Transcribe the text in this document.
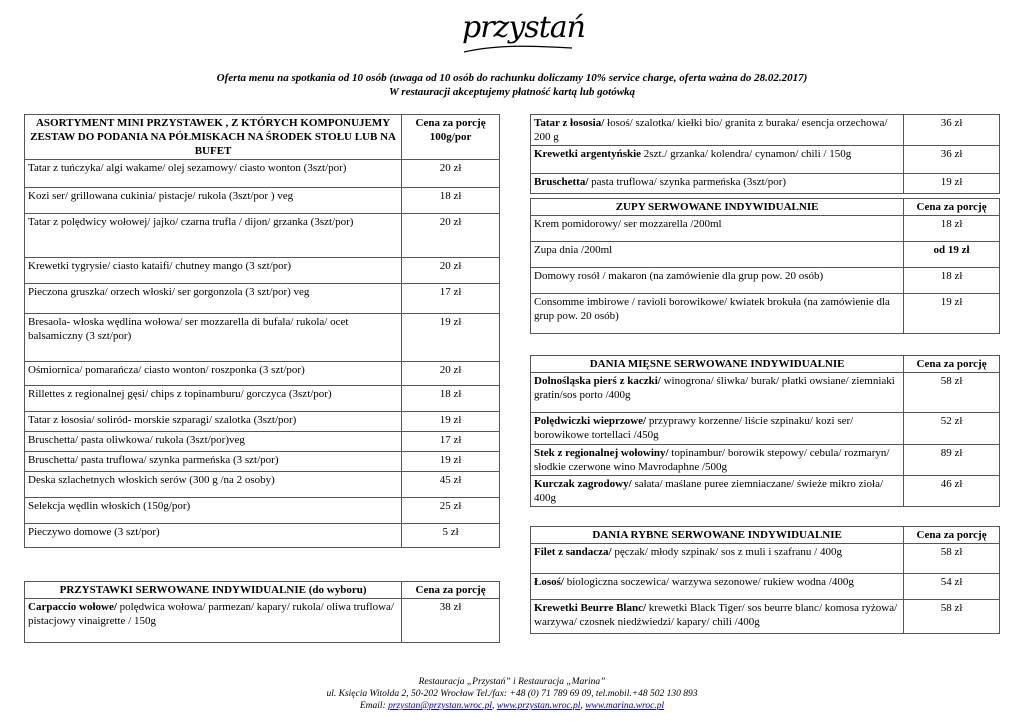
przystań
Oferta menu na spotkania od 10 osób (uwaga od 10 osób do rachunku doliczamy 10% service charge, oferta ważna do 28.02.2017)
W restauracji akceptujemy płatność kartą lub gotówką
ASORTYMENT MINI PRZYSTAWEK , Z KTÓRYCH KOMPONUJEMY ZESTAW DO PODANIA NA PÓŁMISKACH NA ŚRODEK STOŁU LUB NA BUFET	Cena za porcję 100g/por
Tatar z tuńczyka/ algi wakame/ olej sezamowy/ ciasto wonton (3szt/por)	20 zł
Kozi ser/ grillowana cukinia/ pistacje/ rukola (3szt/por ) veg	18 zł
Tatar z polędwicy wołowej/ jajko/ czarna trufla / dijon/ grzanka (3szt/por)	20 zł
Krewetki tygrysie/ ciasto kataifi/ chutney mango (3 szt/por)	20 zł
Pieczona gruszka/ orzech włoski/ ser gorgonzola (3 szt/por) veg	17 zł
Bresaola- włoska wędlina wołowa/ ser mozzarella di bufala/ rukola/ ocet balsamiczny (3 szt/por)	19 zł
Ośmiornica/ pomarańcza/ ciasto wonton/ roszponka (3 szt/por)	20 zł
Rillettes z regionalnej gęsi/ chips z topinamburu/ gorczyca (3szt/por)	18 zł
Tatar z łososia/ soliród- morskie szparagi/ szalotka (3szt/por)	19 zł
Bruschetta/ pasta oliwkowa/ rukola (3szt/por)veg	17 zł
Bruschetta/ pasta truflowa/ szynka parmeńska (3 szt/por)	19 zł
Deska szlachetnych włoskich serów (300 g /na 2 osoby)	45 zł
Selekcja wędlin włoskich (150g/por)	25 zł
Pieczywo domowe (3 szt/por)	5 zł
PRZYSTAWKI SERWOWANE INDYWIDUALNIE (do wyboru)	Cena za porcję
Carpaccio wołowe/ polędwica wołowa/ parmezan/ kapary/ rukola/ oliwa truflowa/ pistacjowy vinaigrette / 150g	38 zł
Tatar z łososia/ łosoś/ szalotka/ kiełki bio/ granita z buraka/ esencja orzechowa/ 200 g	36 zł
Krewetki argentyńskie 2szt./ grzanka/ kolendra/ cynamon/ chili / 150g	36 zł
Bruschetta/ pasta truflowa/ szynka parmeńska (3szt/por)	19 zł
ZUPY SERWOWANE INDYWIDUALNIE	Cena za porcję
Krem pomidorowy/ ser mozzarella /200ml	18 zł
Zupa dnia /200ml	od 19 zł
Domowy rosół / makaron (na zamówienie dla grup pow. 20 osób)	18 zł
Consomme imbirowe / ravioli borowikowe/ kwiatek brokuła (na zamówienie dla grup pow. 20 osób)	19 zł
DANIA MIĘSNE SERWOWANE INDYWIDUALNIE	Cena za porcję
Dolnośląska pierś z kaczki/ winogrona/ śliwka/ burak/ płatki owsiane/ ziemniaki gratin/sos porto /400g	58 zł
Polędwiczki wieprzowe/ przyprawy korzenne/ liście szpinaku/ kozi ser/ borowikowe tortellaci /450g	52 zł
Stek z regionalnej wołowiny/ topinambur/ borowik stepowy/ cebula/ rozmaryn/ słodkie czerwone wino Mavrodaphne /500g	89 zł
Kurczak zagrodowy/ sałata/ maślane puree ziemniaczane/ świeże mikro zioła/ 400g	46 zł
DANIA RYBNE SERWOWANE INDYWIDUALNIE	Cena za porcję
Filet z sandacza/ pęczak/ młody szpinak/ sos z muli i szafranu / 400g	58 zł
Łosoś/ biologiczna soczewica/ warzywa sezonowe/ rukiew wodna /400g	54 zł
Krewetki Beurre Blanc/ krewetki Black Tiger/ sos beurre blanc/ komosa ryżowa/ warzywa/ czosnek niedźwiedzi/ kapary/ chili /400g	58 zł
Restauracja „Przystań” i Restauracja „Marina”
ul. Księcia Witolda 2, 50-202 Wrocław Tel./fax: +48 (0) 71 789 69 09, tel.mobil.+48 502 130 893
Email: przystan@przystan.wroc.pl, www.przystan.wroc.pl, www.marina.wroc.pl
